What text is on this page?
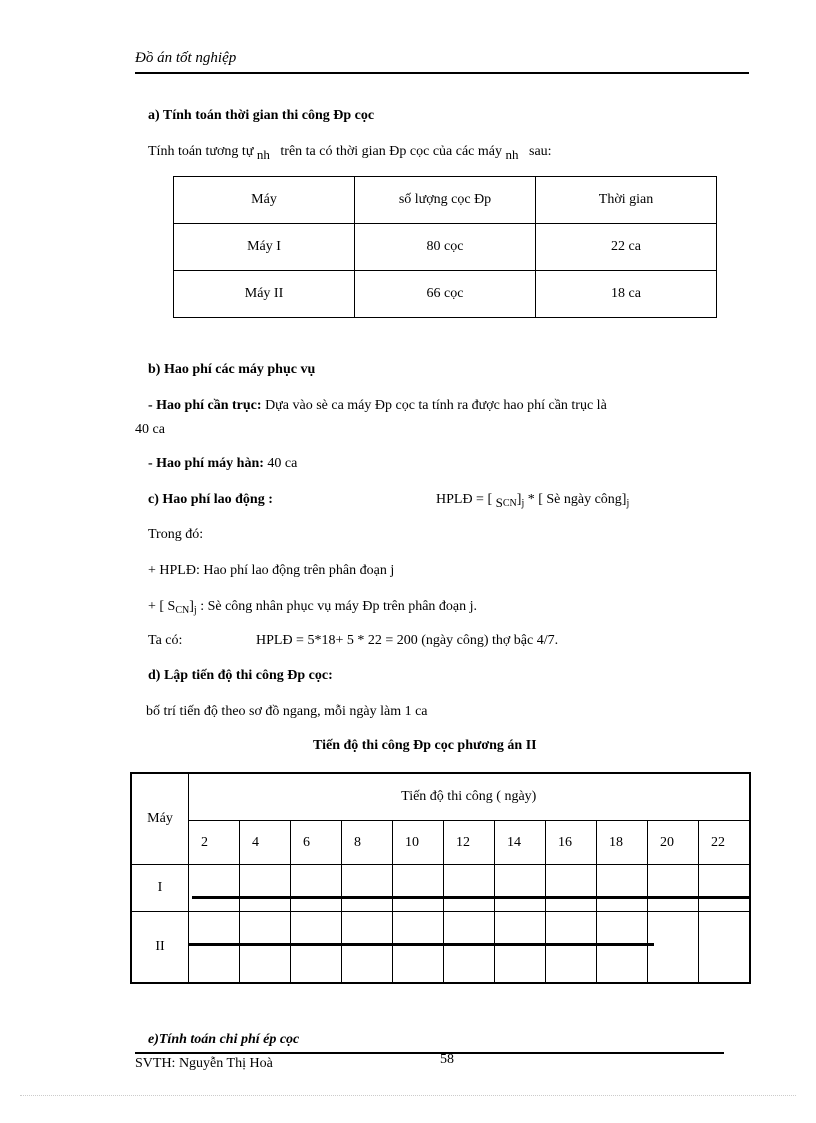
Đồ án tốt nghiệp
a) Tính toán thời gian thi công Đp cọc
Tính toán tương tự nh trên ta có thời gian Đp cọc của các máy nh sau:
Máy	số lượng cọc Đp	Thời gian
Máy I	80 cọc	22 ca
Máy II	66 cọc	18 ca
b) Hao phí các máy phục vụ
- Hao phí cần trục: Dựa vào sè ca máy Đp cọc ta tính ra được hao phí cần trục là
40 ca
- Hao phí máy hàn: 40 ca
c) Hao phí lao động :	HPLĐ = [ $S_{CN}]_j$ * [ Sè ngày $công]_j$
Trong đó:
+ HPLĐ: Hao phí lao động trên phân đoạn j
+ [ $S_{CN}]_j$ : Sè công nhân phục vụ máy Đp trên phân đoạn j.
Ta có:	HPLĐ = 5*18+ 5 * 22 = 200 (ngày công) thợ bậc 4/7.
d) Lập tiến độ thi công Đp cọc:
bố trí tiến độ theo sơ đồ ngang, mỗi ngày làm 1 ca
Tiến độ thi công Đp cọc phương án II
Máy	Tiến độ thi công ( ngày)										
	2	4	6	8	10	12	14	16	18	20	22
I											
II											
e)Tính toán chi phí ép cọc
58
SVTH: Nguyễn Thị Hoà
